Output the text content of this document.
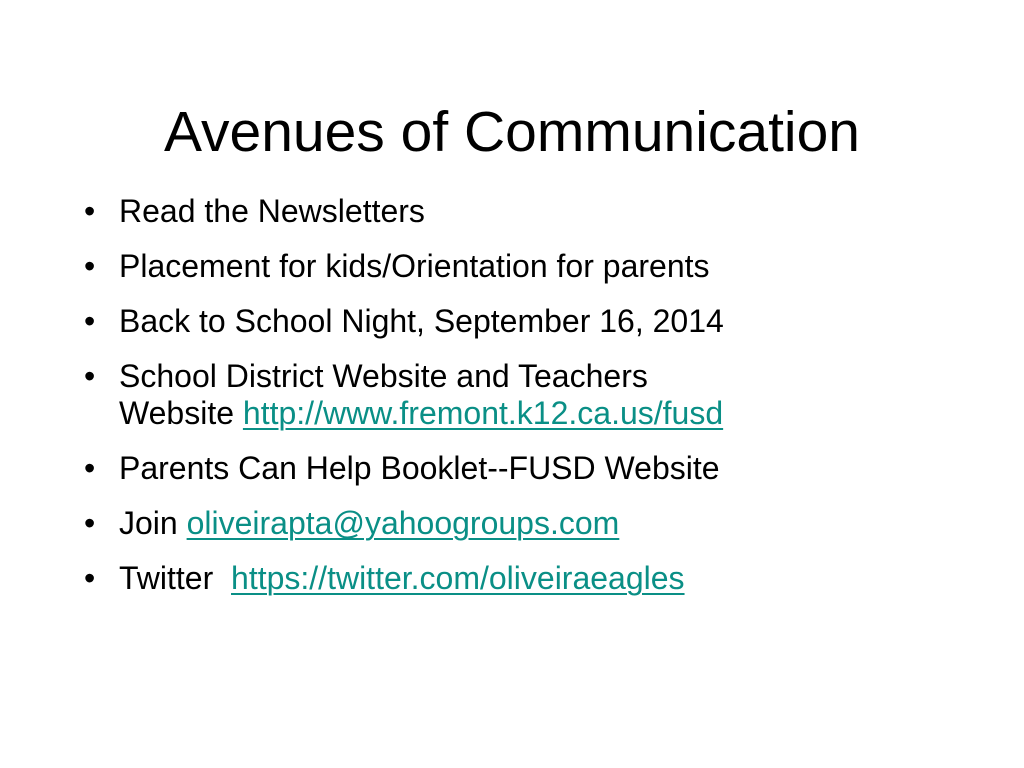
Avenues of Communication
• Read the Newsletters
• Placement for kids/Orientation for parents
• Back to School Night, September 16, 2014
• School District Website and Teachers
Website http://www.fremont.k12.ca.us/fusd
• Parents Can Help Booklet--FUSD Website
• Join oliveirapta@yahoogroups.com
• Twitter  https://twitter.com/oliveiraeagles
